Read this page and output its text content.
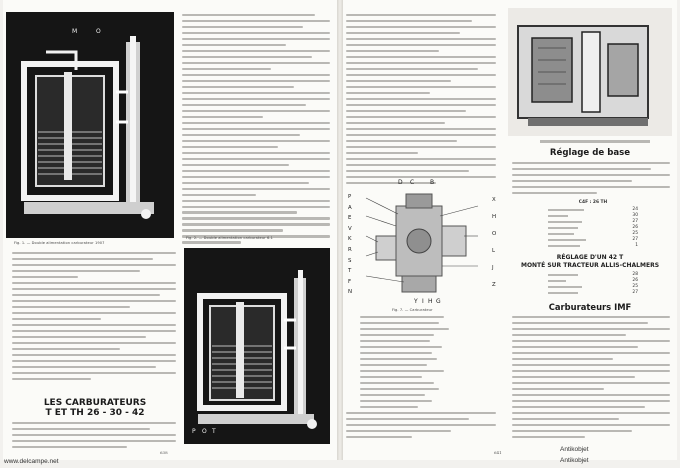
M	O
Fig. 1. — Double alimentation carburateur 1907
LES CARBURATEURS
T ET TH 26 - 30 - 42
P O T
Fig. 2. — Double alimentation carburateur 6.1
638
D C	B
P
A
E
V
K
R
S
T
F
N
X
H
O
L
J
Z
Y I H G
Fig. 7. — Carburateur
Réglage de base
C4F : 26 TH
24
30
27
26
25
27
1
RÉGLAGE D'UN 42 T
MONTÉ SUR TRACTEUR ALLIS-CHALMERS
28
26
25
27
Carburateurs IMF
641
www.delcampe.net
Antikobjet
Antikobjet
